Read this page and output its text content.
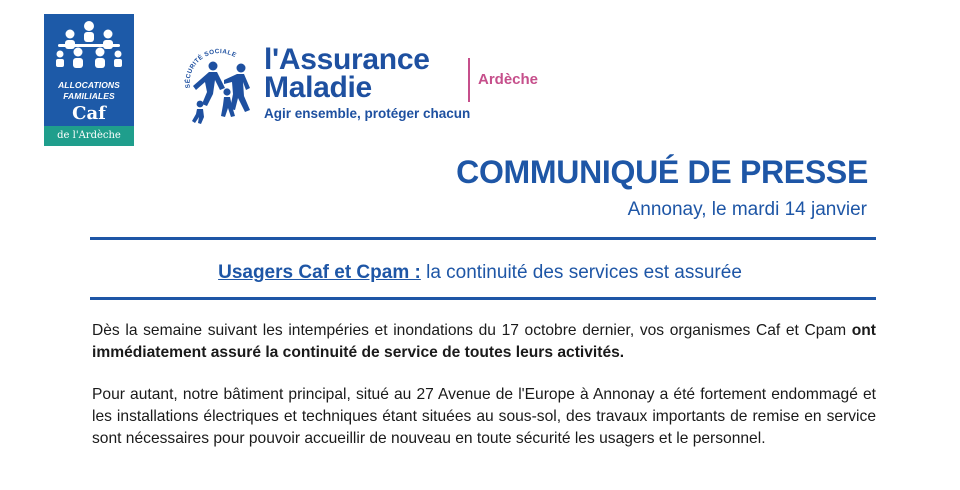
ALLOCATIONS
FAMILIALES
Caf
de l'Ardèche
SÉCURITÉ SOCIALE l'Assurance
Maladie
Agir ensemble, protéger chacun
Ardèche
COMMUNIQUÉ DE PRESSE
Annonay, le mardi 14 janvier
Usagers Caf et Cpam : la continuité des services est assurée
Dès la semaine suivant les intempéries et inondations du 17 octobre dernier, vos organismes Caf et Cpam ont immédiatement assuré la continuité de service de toutes leurs activités.
Pour autant, notre bâtiment principal, situé au 27 Avenue de l'Europe à Annonay a été fortement endommagé et les installations électriques et techniques étant situées au sous-sol, des travaux importants de remise en service sont nécessaires pour pouvoir accueillir de nouveau en toute sécurité les usagers et le personnel.
